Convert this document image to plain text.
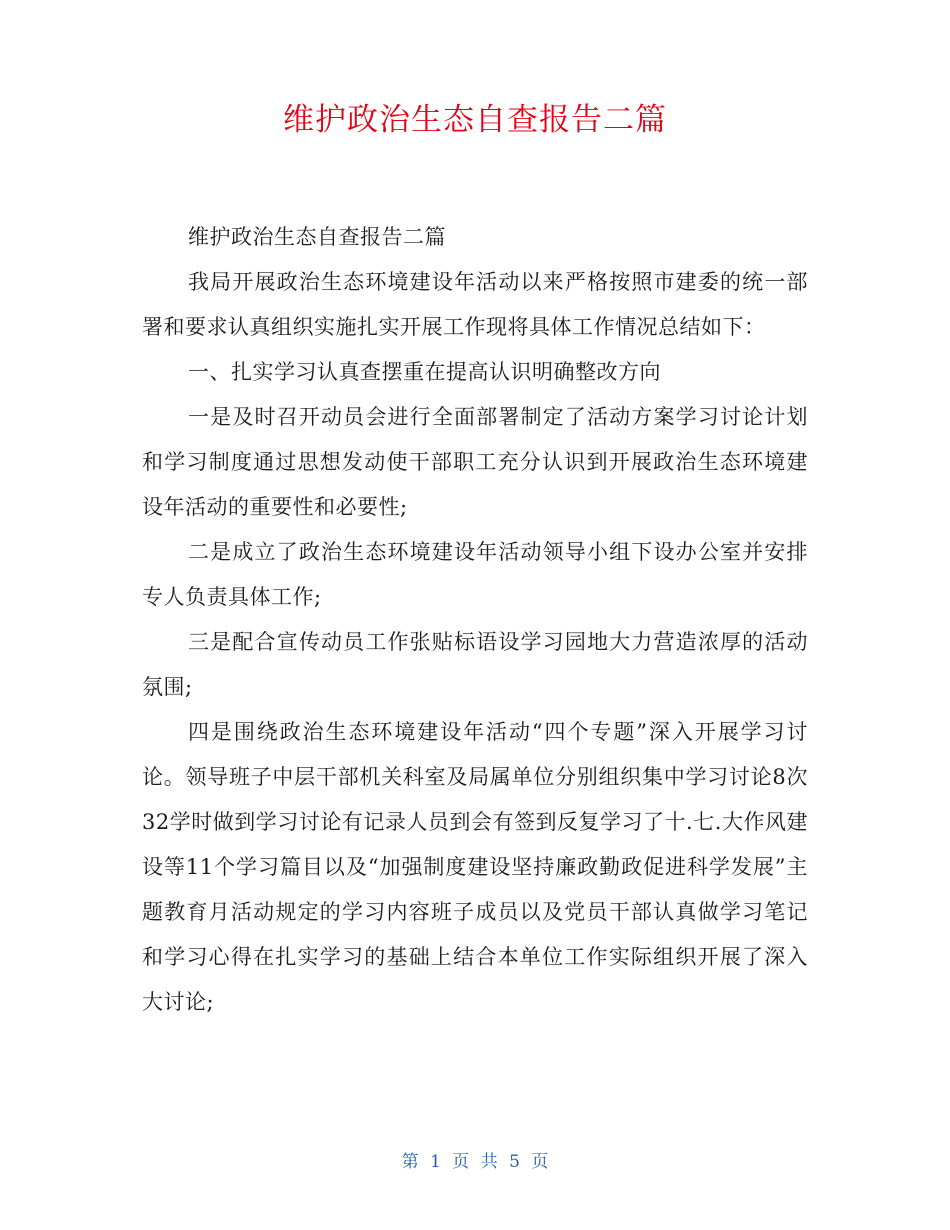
维护政治生态自查报告二篇

维护政治生态自查报告二篇

我局开展政治生态环境建设年活动以来严格按照市建委的统一部署和要求认真组织实施扎实开展工作现将具体工作情况总结如下：

一、扎实学习认真查摆重在提高认识明确整改方向

一是及时召开动员会进行全面部署制定了活动方案学习讨论计划和学习制度通过思想发动使干部职工充分认识到开展政治生态环境建设年活动的重要性和必要性;

二是成立了政治生态环境建设年活动领导小组下设办公室并安排专人负责具体工作;

三是配合宣传动员工作张贴标语设学习园地大力营造浓厚的活动氛围;

四是围绕政治生态环境建设年活动“四个专题”深入开展学习讨论。领导班子中层干部机关科室及局属单位分别组织集中学习讨论8次32学时做到学习讨论有记录人员到会有签到反复学习了十.七.大作风建设等11个学习篇目以及“加强制度建设坚持廉政勤政促进科学发展”主题教育月活动规定的学习内容班子成员以及党员干部认真做学习笔记和学习心得在扎实学习的基础上结合本单位工作实际组织开展了深入大讨论;

第 1 页 共 5 页
